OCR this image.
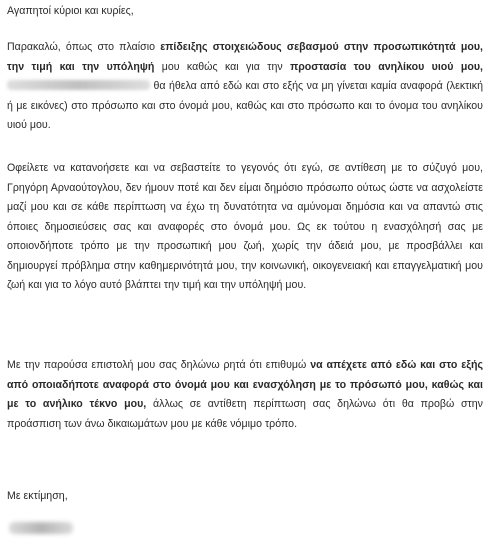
Αγαπητοί κύριοι και κυρίες,

Παρακαλώ, όπως στο πλαίσιο επίδειξης στοιχειώδους σεβασμού στην προσωπικότητά μου, την τιμή και την υπόληψή μου καθώς και για την προστασία του ανηλίκου υιού μου,  θα ήθελα από εδώ και στο εξής να μη γίνεται καμία αναφορά (λεκτική ή με εικόνες) στο πρόσωπο και στο όνομά μου, καθώς και στο πρόσωπο και το όνομα του ανηλίκου υιού μου.

Οφείλετε να κατανοήσετε και να σεβαστείτε το γεγονός ότι εγώ, σε αντίθεση με το σύζυγό μου, Γρηγόρη Αρναούτογλου, δεν ήμουν ποτέ και δεν είμαι δημόσιο πρόσωπο ούτως ώστε να ασχολείστε μαζί μου και σε κάθε περίπτωση να έχω τη δυνατότητα να αμύνομαι δημόσια και να απαντώ στις όποιες δημοσιεύσεις σας και αναφορές στο όνομά μου. Ως εκ τούτου η ενασχόλησή σας με οποιονδήποτε τρόπο με την προσωπική μου ζωή, χωρίς την άδειά μου, με προσβάλλει και δημιουργεί πρόβλημα στην καθημερινότητά μου, την κοινωνική, οικογενειακή και επαγγελματική μου ζωή και για το λόγο αυτό βλάπτει την τιμή και την υπόληψή μου.

Με την παρούσα επιστολή μου σας δηλώνω ρητά ότι επιθυμώ να απέχετε από εδώ και στο εξής από οποιαδήποτε αναφορά στο όνομά μου και ενασχόληση με το πρόσωπό μου, καθώς και με το ανήλικο τέκνο μου, άλλως σε αντίθετη περίπτωση σας δηλώνω ότι θα προβώ στην προάσπιση των άνω δικαιωμάτων μου με κάθε νόμιμο τρόπο.

Με εκτίμηση,
